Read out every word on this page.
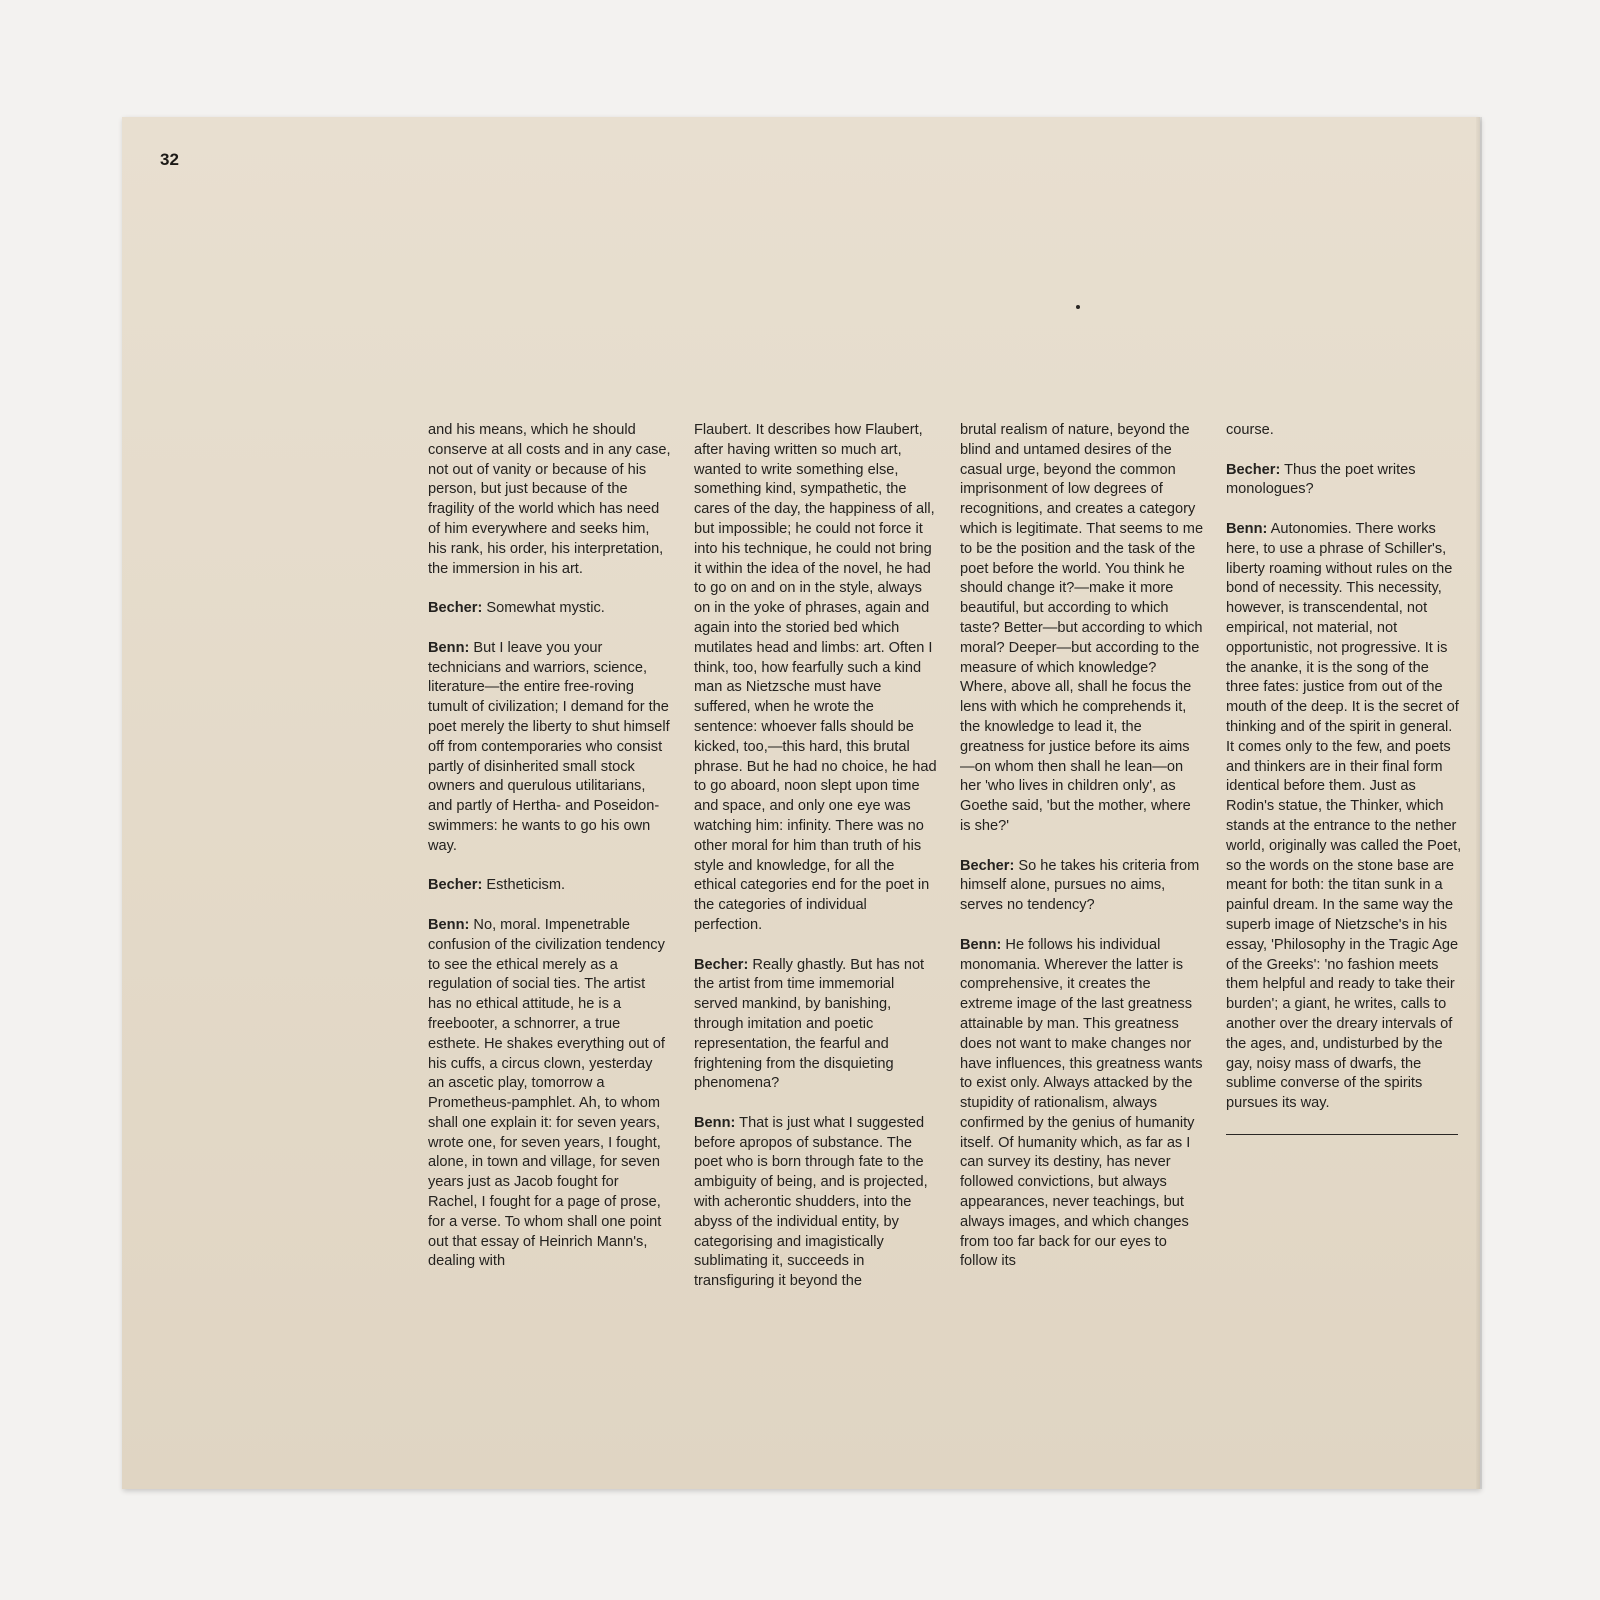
32

and his means, which he should conserve at all costs and in any case, not out of vanity or because of his person, but just because of the fragility of the world which has need of him everywhere and seeks him, his rank, his order, his interpretation, the immersion in his art.

Becher: Somewhat mystic.

Benn: But I leave you your technicians and warriors, science, literature—the entire free-roving tumult of civilization; I demand for the poet merely the liberty to shut himself off from contemporaries who consist partly of disinherited small stock owners and querulous utilitarians, and partly of Hertha- and Poseidon-swimmers: he wants to go his own way.

Becher: Estheticism.

Benn: No, moral. Impenetrable confusion of the civilization tendency to see the ethical merely as a regulation of social ties. The artist has no ethical attitude, he is a freebooter, a schnorrer, a true esthete. He shakes everything out of his cuffs, a circus clown, yesterday an ascetic play, tomorrow a Prometheus-pamphlet. Ah, to whom shall one explain it: for seven years, wrote one, for seven years, I fought, alone, in town and village, for seven years just as Jacob fought for Rachel, I fought for a page of prose, for a verse. To whom shall one point out that essay of Heinrich Mann's, dealing with

Flaubert. It describes how Flaubert, after having written so much art, wanted to write something else, something kind, sympathetic, the cares of the day, the happiness of all, but impossible; he could not force it into his technique, he could not bring it within the idea of the novel, he had to go on and on in the style, always on in the yoke of phrases, again and again into the storied bed which mutilates head and limbs: art. Often I think, too, how fearfully such a kind man as Nietzsche must have suffered, when he wrote the sentence: whoever falls should be kicked, too,—this hard, this brutal phrase. But he had no choice, he had to go aboard, noon slept upon time and space, and only one eye was watching him: infinity. There was no other moral for him than truth of his style and knowledge, for all the ethical categories end for the poet in the categories of individual perfection.

Becher: Really ghastly. But has not the artist from time immemorial served mankind, by banishing, through imitation and poetic representation, the fearful and frightening from the disquieting phenomena?

Benn: That is just what I suggested before apropos of substance. The poet who is born through fate to the ambiguity of being, and is projected, with acherontic shudders, into the abyss of the individual entity, by categorising and imagistically sublimating it, succeeds in transfiguring it beyond the

brutal realism of nature, beyond the blind and untamed desires of the casual urge, beyond the common imprisonment of low degrees of recognitions, and creates a category which is legitimate. That seems to me to be the position and the task of the poet before the world. You think he should change it?—make it more beautiful, but according to which taste? Better—but according to which moral? Deeper—but according to the measure of which knowledge? Where, above all, shall he focus the lens with which he comprehends it, the knowledge to lead it, the greatness for justice before its aims—on whom then shall he lean—on her 'who lives in children only', as Goethe said, 'but the mother, where is she?'

Becher: So he takes his criteria from himself alone, pursues no aims, serves no tendency?

Benn: He follows his individual monomania. Wherever the latter is comprehensive, it creates the extreme image of the last greatness attainable by man. This greatness does not want to make changes nor have influences, this greatness wants to exist only. Always attacked by the stupidity of rationalism, always confirmed by the genius of humanity itself. Of humanity which, as far as I can survey its destiny, has never followed convictions, but always appearances, never teachings, but always images, and which changes from too far back for our eyes to follow its

course.

Becher: Thus the poet writes monologues?

Benn: Autonomies. There works here, to use a phrase of Schiller's, liberty roaming without rules on the bond of necessity. This necessity, however, is transcendental, not empirical, not material, not opportunistic, not progressive. It is the ananke, it is the song of the three fates: justice from out of the mouth of the deep. It is the secret of thinking and of the spirit in general. It comes only to the few, and poets and thinkers are in their final form identical before them. Just as Rodin's statue, the Thinker, which stands at the entrance to the nether world, originally was called the Poet, so the words on the stone base are meant for both: the titan sunk in a painful dream. In the same way the superb image of Nietzsche's in his essay, 'Philosophy in the Tragic Age of the Greeks': 'no fashion meets them helpful and ready to take their burden'; a giant, he writes, calls to another over the dreary intervals of the ages, and, undisturbed by the gay, noisy mass of dwarfs, the sublime converse of the spirits pursues its way.
